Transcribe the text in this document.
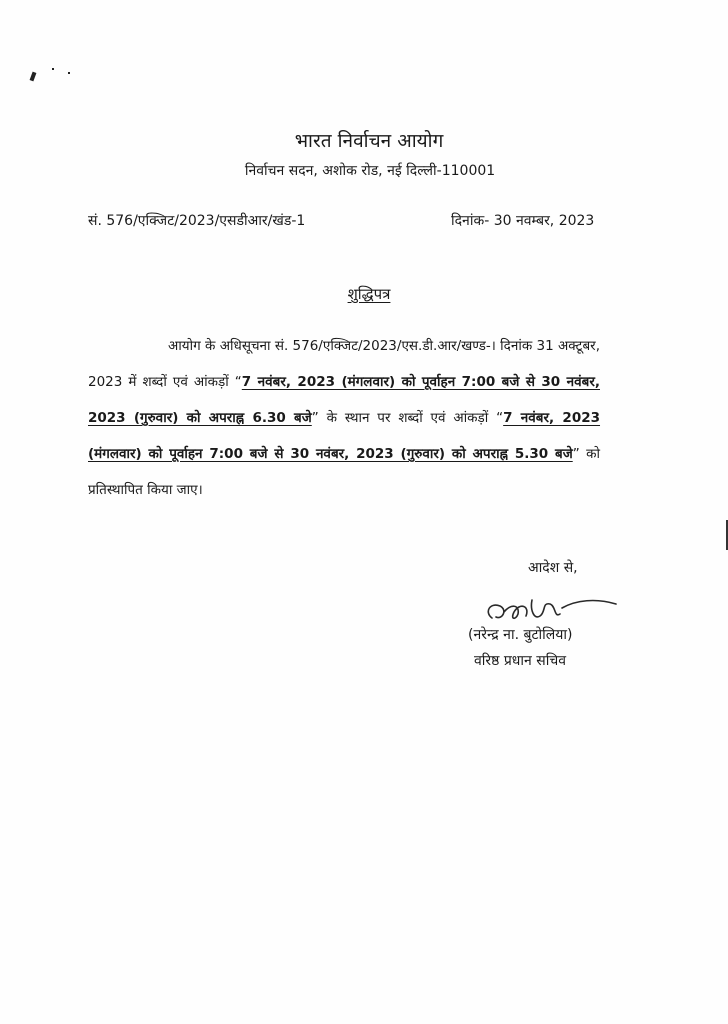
भारत निर्वाचन आयोग
निर्वाचन सदन, अशोक रोड, नई दिल्ली-110001
सं. 576/एक्जिट/2023/एसडीआर/खंड-1	दिनांक- 30 नवम्बर, 2023
शुद्धिपत्र

आयोग के अधिसूचना सं. 576/एक्जिट/2023/एस.डी.आर/खण्ड-। दिनांक 31 अक्टूबर, 2023 में शब्दों एवं आंकड़ों “7 नवंबर, 2023 (मंगलवार) को पूर्वाहन 7:00 बजे से 30 नवंबर, 2023 (गुरुवार) को अपराह्न 6.30 बजे” के स्थान पर शब्दों एवं आंकड़ों “7 नवंबर, 2023 (मंगलवार) को पूर्वाहन 7:00 बजे से 30 नवंबर, 2023 (गुरुवार) को अपराह्न 5.30 बजे” को प्रतिस्थापित किया जाए।

आदेश से,
(नरेन्द्र ना. बुटोलिया)
वरिष्ठ प्रधान सचिव
